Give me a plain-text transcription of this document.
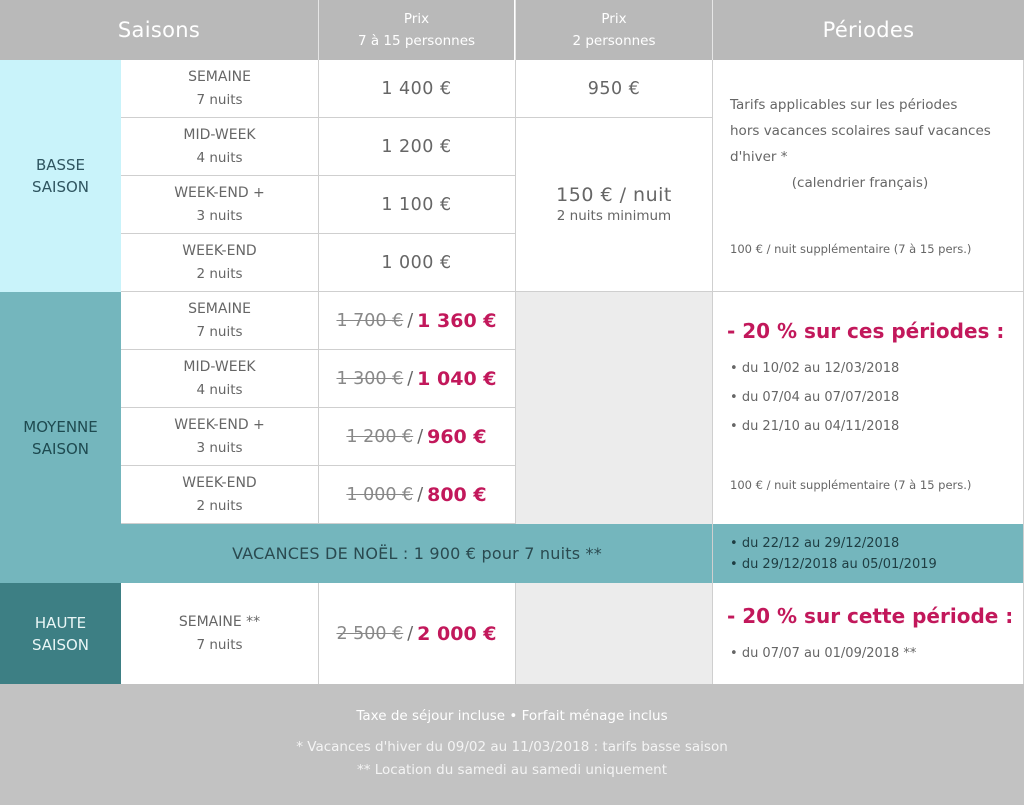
Saisons	Prix
7 à 15 personnes
Prix
2 personnes	Périodes
BASSE
SAISON
MOYENNE
SAISON
HAUTE
SAISON
SEMAINE
7 nuits
1 400 €
MID-WEEK
4 nuits
1 200 €
WEEK-END +
3 nuits
1 100 €
WEEK-END
2 nuits
1 000 €
950 €
150 € / nuit
2 nuits minimum
Tarifs applicables sur les périodes
hors vacances scolaires sauf vacances
d'hiver *
(calendrier français)
100 € / nuit supplémentaire (7 à 15 pers.)
SEMAINE
7 nuits
1 700 € / 1 360 €
MID-WEEK
4 nuits
1 300 € / 1 040 €
WEEK-END +
3 nuits
1 200 € / 960 €
WEEK-END
2 nuits
1 000 € / 800 €
- 20 % sur ces périodes :
• du 10/02 au 12/03/2018
• du 07/04 au 07/07/2018
• du 21/10 au 04/11/2018
100 € / nuit supplémentaire (7 à 15 pers.)
VACANCES DE NOËL : 1 900 € pour 7 nuits **
• du 22/12 au 29/12/2018
• du 29/12/2018 au 05/01/2019
SEMAINE **
7 nuits
2 500 € / 2 000 €
- 20 % sur cette période :
• du 07/07 au 01/09/2018 **
Taxe de séjour incluse • Forfait ménage inclus
* Vacances d'hiver du 09/02 au 11/03/2018 : tarifs basse saison
** Location du samedi au samedi uniquement
